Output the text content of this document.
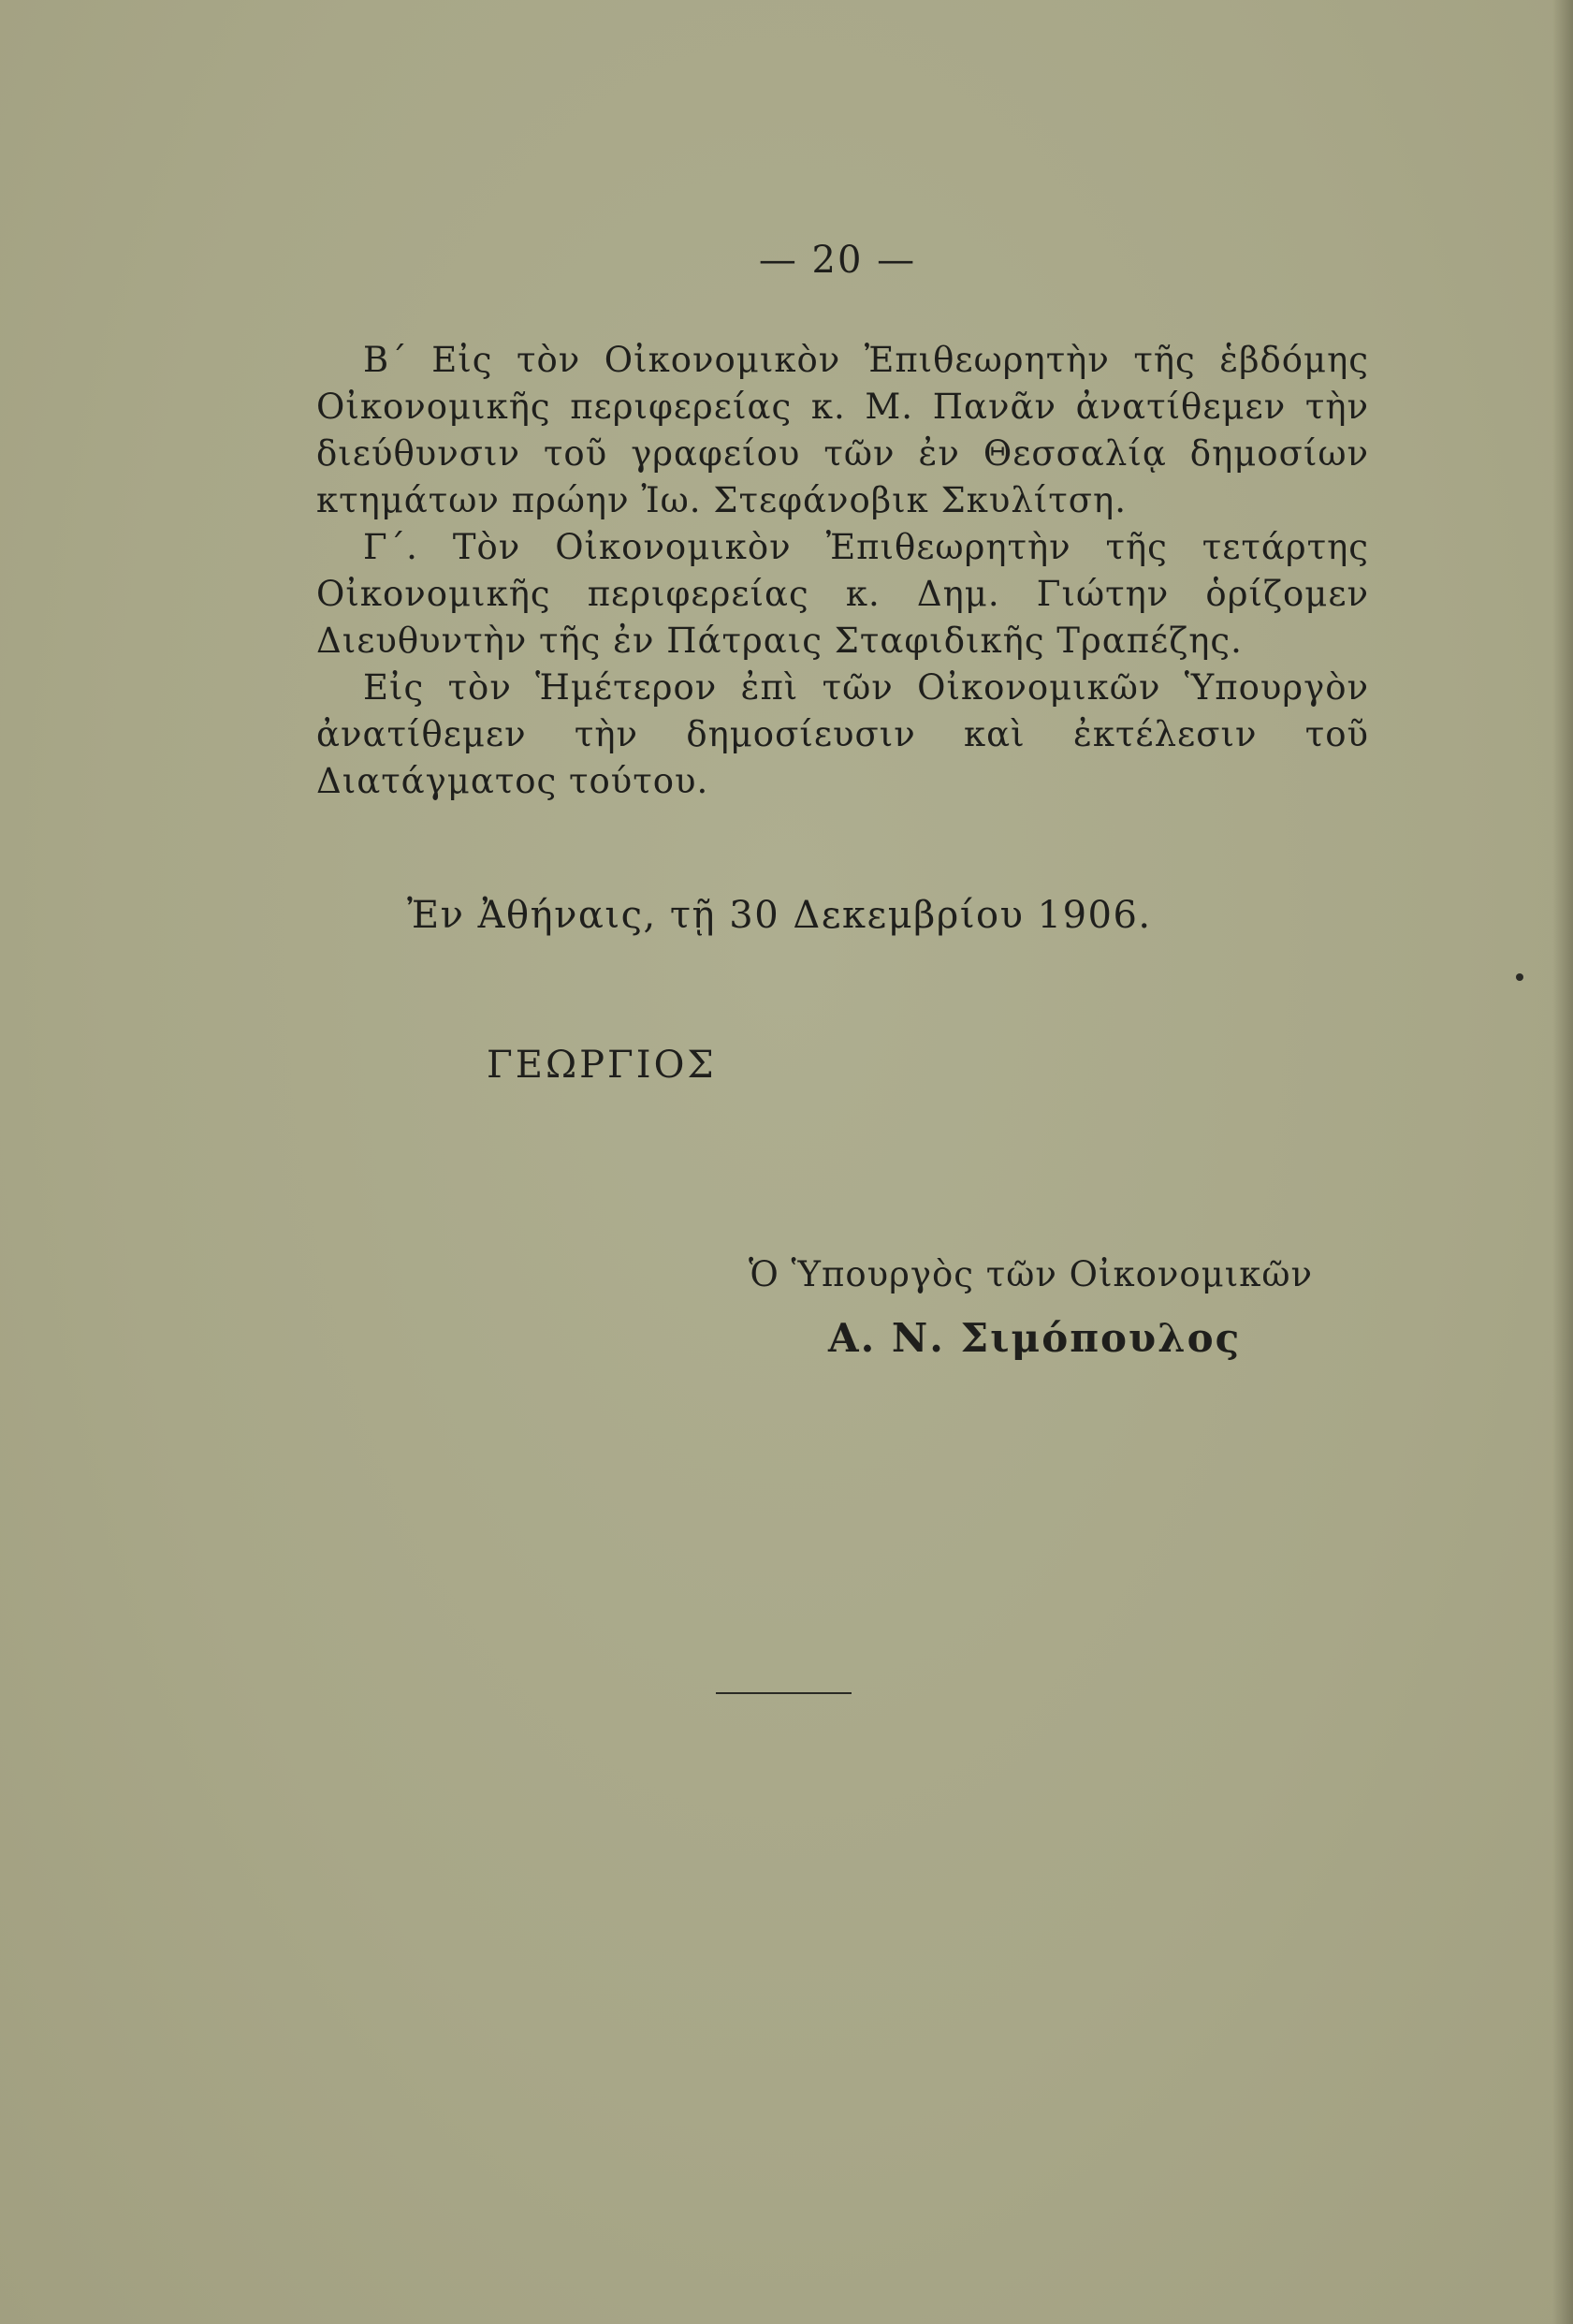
— 20 —

Β΄ Εἰς τὸν Οἰκονομικὸν Ἐπιθεωρητὴν τῆς ἑβδόμης Οἰκονομικῆς περιφερείας κ. Μ. Πανᾶν ἀνατίθεμεν τὴν διεύθυνσιν τοῦ γραφείου τῶν ἐν Θεσσαλίᾳ δημοσίων κτημάτων πρώην Ἰω. Στεφάνοβικ Σκυλίτση.

Γ΄. Τὸν Οἰκονομικὸν Ἐπιθεωρητὴν τῆς τετάρτης Οἰκονομικῆς περιφερείας κ. Δημ. Γιώτην ὁρίζομεν Διευθυντὴν τῆς ἐν Πάτραις Σταφιδικῆς Τραπέζης.

Εἰς τὸν Ἡμέτερον ἐπὶ τῶν Οἰκονομικῶν Ὑπουργὸν ἀνατίθεμεν τὴν δημοσίευσιν καὶ ἐκτέλεσιν τοῦ Διατάγματος τούτου.

Ἐν Ἀθήναις, τῇ 30 Δεκεμβρίου 1906.
ΓΕΩΡΓΙΟΣ
Ὁ Ὑπουργὸς τῶν Οἰκονομικῶν
Α. Ν. Σιμόπουλος
